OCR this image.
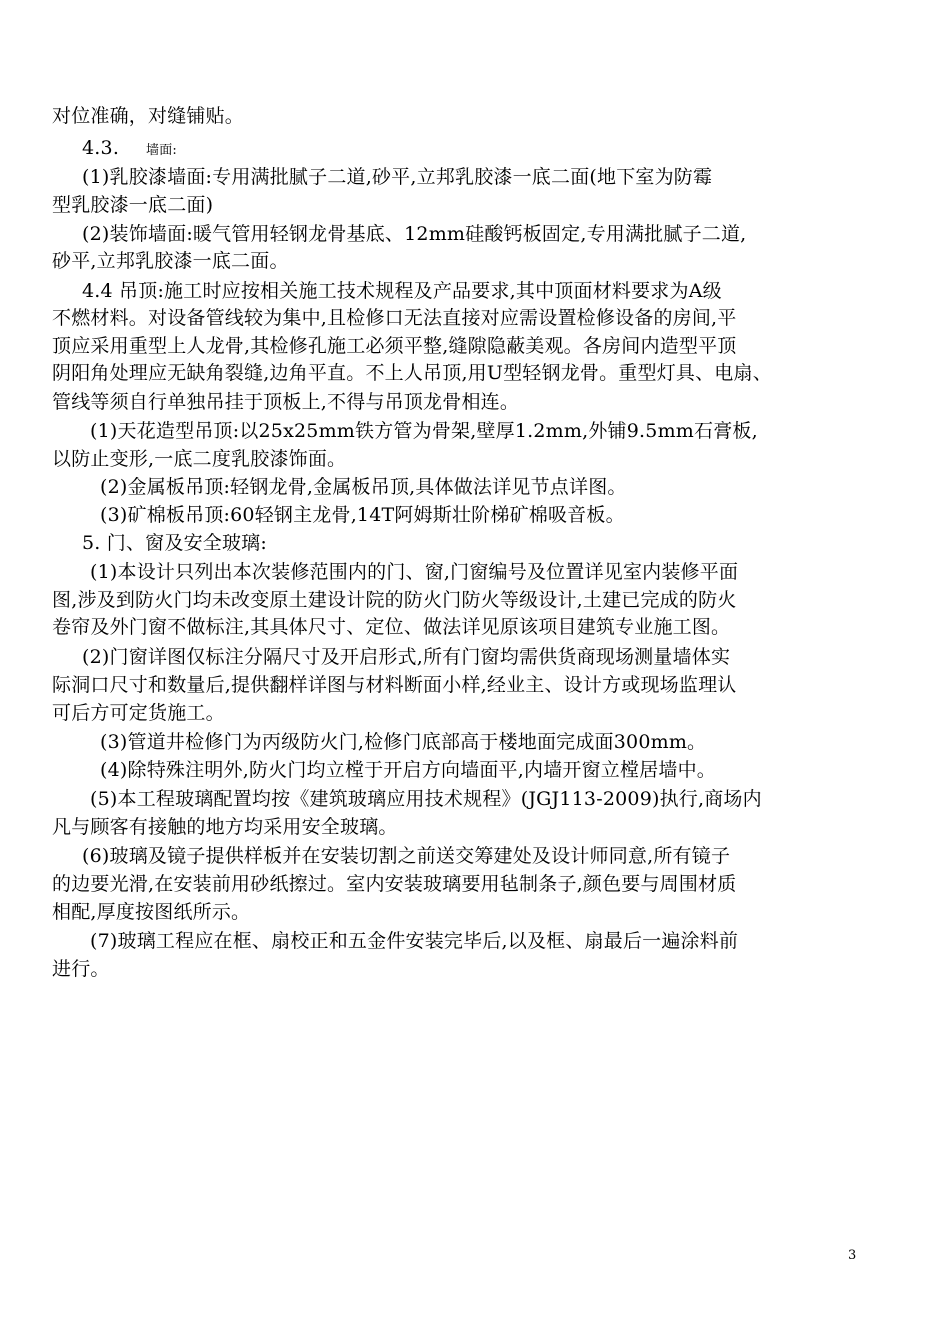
对位准确，对缝铺贴。
4.3. 墙面:
(1)乳胶漆墙面:专用满批腻子二道,砂平,立邦乳胶漆一底二面(地下室为防霉
型乳胶漆一底二面)
(2)装饰墙面:暖气管用轻钢龙骨基底、12mm硅酸钙板固定,专用满批腻子二道,
砂平,立邦乳胶漆一底二面。
4.4 吊顶:施工时应按相关施工技术规程及产品要求,其中顶面材料要求为A级
不燃材料。对设备管线较为集中,且检修口无法直接对应需设置检修设备的房间,平
顶应采用重型上人龙骨,其检修孔施工必须平整,缝隙隐蔽美观。各房间内造型平顶
阴阳角处理应无缺角裂缝,边角平直。不上人吊顶,用U型轻钢龙骨。重型灯具、电扇、
管线等须自行单独吊挂于顶板上,不得与吊顶龙骨相连。
(1)天花造型吊顶:以25x25mm铁方管为骨架,壁厚1.2mm,外铺9.5mm石膏板,
以防止变形,一底二度乳胶漆饰面。
(2)金属板吊顶:轻钢龙骨,金属板吊顶,具体做法详见节点详图。
(3)矿棉板吊顶:60轻钢主龙骨,14T阿姆斯壮阶梯矿棉吸音板。
5. 门、窗及安全玻璃:
(1)本设计只列出本次装修范围内的门、窗,门窗编号及位置详见室内装修平面
图,涉及到防火门均未改变原土建设计院的防火门防火等级设计,土建已完成的防火
卷帘及外门窗不做标注,其具体尺寸、定位、做法详见原该项目建筑专业施工图。
(2)门窗详图仅标注分隔尺寸及开启形式,所有门窗均需供货商现场测量墙体实
际洞口尺寸和数量后,提供翻样详图与材料断面小样,经业主、设计方或现场监理认
可后方可定货施工。
(3)管道井检修门为丙级防火门,检修门底部高于楼地面完成面300mm。
(4)除特殊注明外,防火门均立樘于开启方向墙面平,内墙开窗立樘居墙中。
(5)本工程玻璃配置均按《建筑玻璃应用技术规程》(JGJ113-2009)执行,商场内
凡与顾客有接触的地方均采用安全玻璃。
(6)玻璃及镜子提供样板并在安装切割之前送交筹建处及设计师同意,所有镜子
的边要光滑,在安装前用砂纸擦过。室内安装玻璃要用毡制条子,颜色要与周围材质
相配,厚度按图纸所示。
(7)玻璃工程应在框、扇校正和五金件安装完毕后,以及框、扇最后一遍涂料前
进行。
3
